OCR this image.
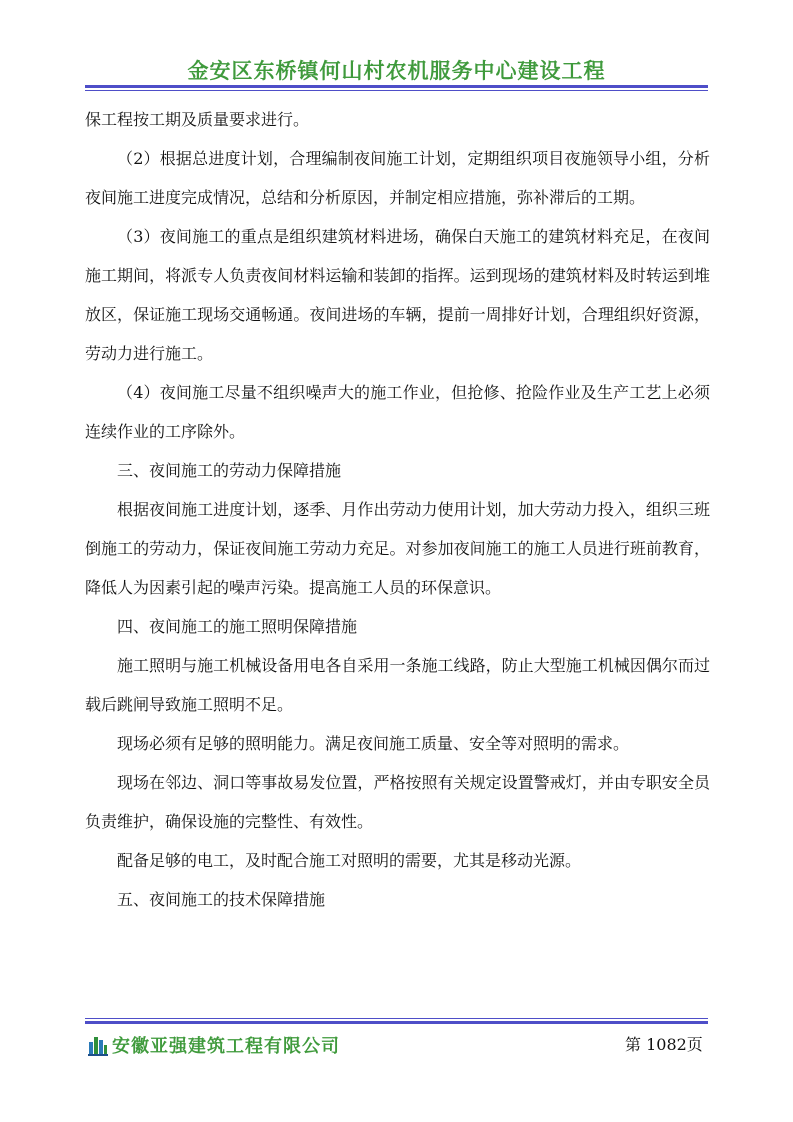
金安区东桥镇何山村农机服务中心建设工程

保工程按工期及质量要求进行。

（2）根据总进度计划，合理编制夜间施工计划，定期组织项目夜施领导小组，分析夜间施工进度完成情况，总结和分析原因，并制定相应措施，弥补滞后的工期。

（3）夜间施工的重点是组织建筑材料进场，确保白天施工的建筑材料充足，在夜间施工期间，将派专人负责夜间材料运输和装卸的指挥。运到现场的建筑材料及时转运到堆放区，保证施工现场交通畅通。夜间进场的车辆，提前一周排好计划，合理组织好资源，劳动力进行施工。

（4）夜间施工尽量不组织噪声大的施工作业，但抢修、抢险作业及生产工艺上必须连续作业的工序除外。

三、夜间施工的劳动力保障措施

根据夜间施工进度计划，逐季、月作出劳动力使用计划，加大劳动力投入，组织三班倒施工的劳动力，保证夜间施工劳动力充足。对参加夜间施工的施工人员进行班前教育，降低人为因素引起的噪声污染。提高施工人员的环保意识。

四、夜间施工的施工照明保障措施

施工照明与施工机械设备用电各自采用一条施工线路，防止大型施工机械因偶尔而过载后跳闸导致施工照明不足。

现场必须有足够的照明能力。满足夜间施工质量、安全等对照明的需求。

现场在邻边、洞口等事故易发位置，严格按照有关规定设置警戒灯，并由专职安全员负责维护，确保设施的完整性、有效性。

配备足够的电工，及时配合施工对照明的需要，尤其是移动光源。

五、夜间施工的技术保障措施

安徽亚强建筑工程有限公司	第 1082页
